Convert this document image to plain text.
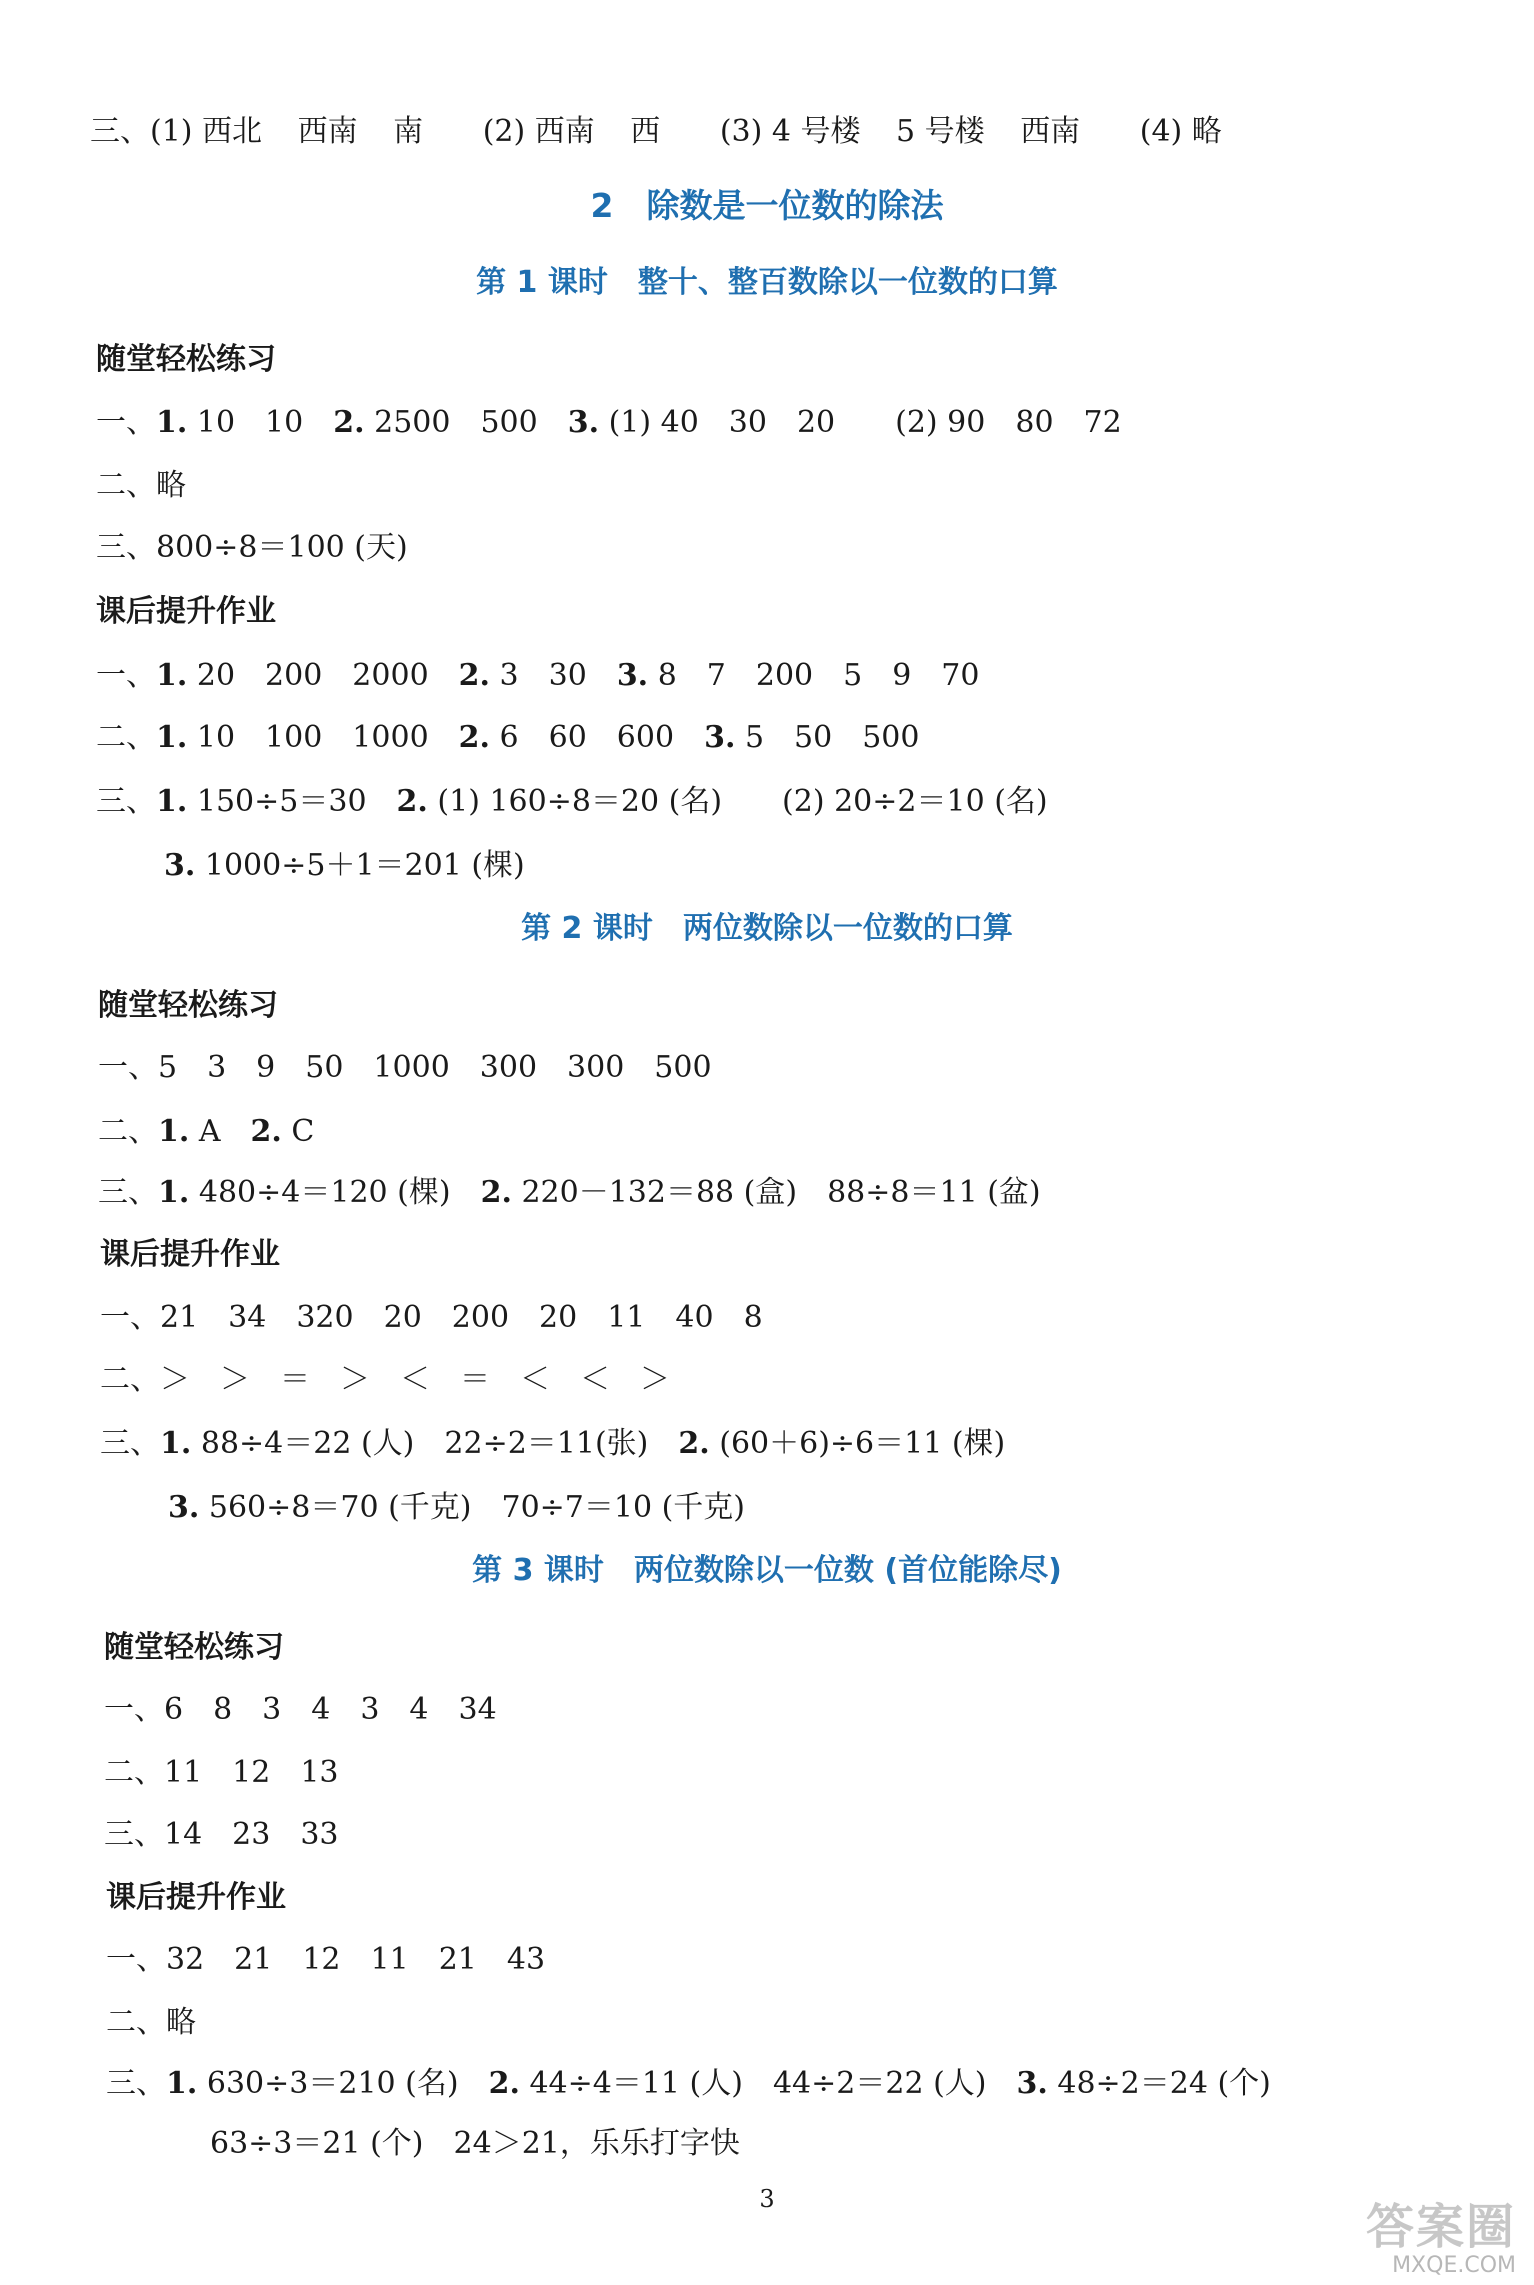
三、(1) 西北 西南 南 (2) 西南 西 (3) 4 号楼 5 号楼 西南 (4) 略
2　除数是一位数的除法
第 1 课时　整十、整百数除以一位数的口算
随堂轻松练习
一、1. 10　10　 2. 2500　500　 3. (1) 40　30　20　　(2) 90　80　72
二、略
三、800÷8＝100 (天)
课后提升作业
一、1. 20　200　2000　 2. 3　30　 3. 8　7　200　5　9　70
二、1. 10　100　1000　 2. 6　60　600　 3. 5　50　500
三、1. 150÷5＝30　 2. (1) 160÷8＝20 (名)　　(2) 20÷2＝10 (名)
3. 1000÷5＋1＝201 (棵)
第 2 课时　两位数除以一位数的口算
随堂轻松练习
一、5　3　9　50　1000　300　300　500
二、1. A　 2. C
三、1. 480÷4＝120 (棵)　 2. 220－132＝88 (盒)　88÷8＝11 (盆)
课后提升作业
一、21　34　320　20　200　20　11　40　8
二、＞　＞　＝　＞　＜　＝　＜　＜　＞
三、1. 88÷4＝22 (人)　22÷2＝11(张)　 2. (60＋6)÷6＝11 (棵)
3. 560÷8＝70 (千克)　70÷7＝10 (千克)
第 3 课时　两位数除以一位数 (首位能除尽)
随堂轻松练习
一、6　8　3　4　3　4　34
二、11　12　13
三、14　23　33
课后提升作业
一、32　21　12　11　21　43
二、略
三、1. 630÷3＝210 (名)　 2. 44÷4＝11 (人)　44÷2＝22 (人)　 3. 48÷2＝24 (个)
63÷3＝21 (个)　24＞21，乐乐打字快
3	答案圈
MXQE.COM
